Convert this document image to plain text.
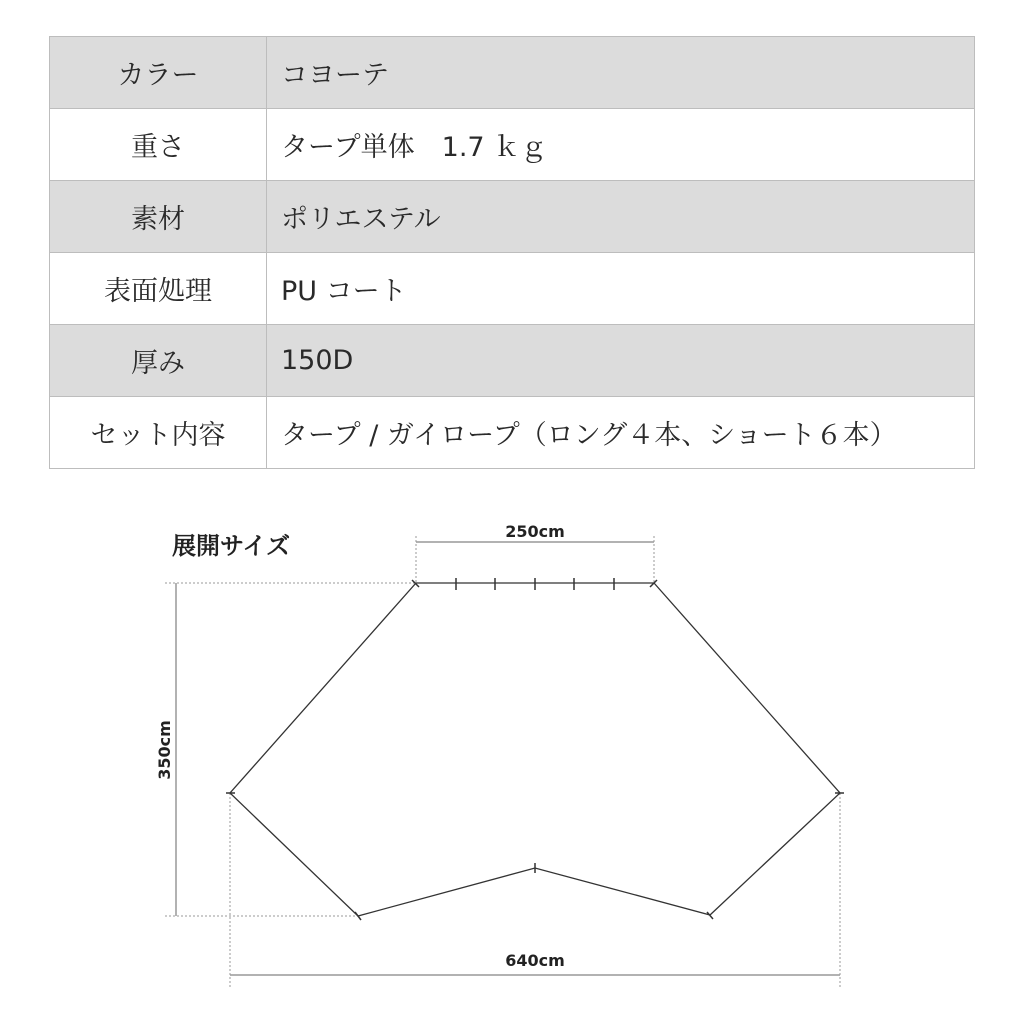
カラー	コヨーテ
重さ	タープ単体　1.7 ｋｇ
素材	ポリエステル
表面処理	PU コート
厚み	150D
セット内容	タープ / ガイロープ（ロング４本、ショート６本）
展開サイズ
250cm
350cm
640cm
